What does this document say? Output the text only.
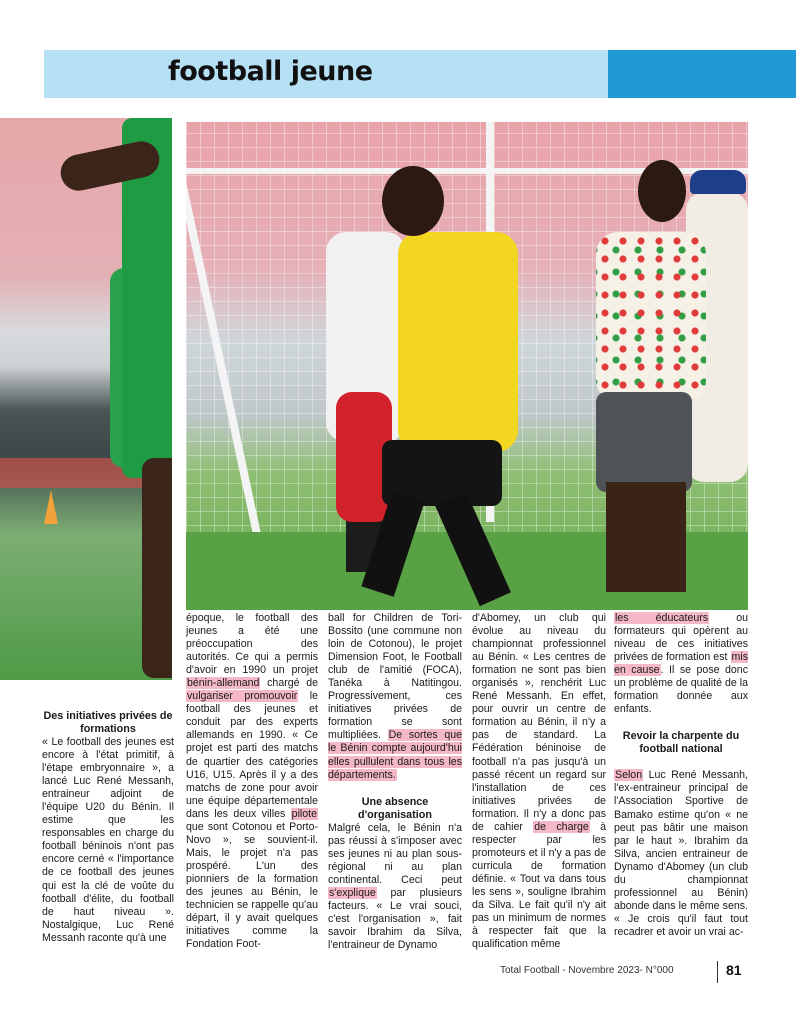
football jeune

Des initiatives privées de formations

« Le football des jeunes est encore à l'état primitif, à l'étape embryonnaire », a lancé Luc René Messanh, entraineur adjoint de l'équipe U20 du Bénin. Il estime que les responsables en charge du football béninois n'ont pas encore cerné « l'importance de ce football des jeunes qui est la clé de voûte du football d'élite, du football de haut niveau ». Nostalgique, Luc René Messanh raconte qu'à une

époque, le football des jeunes a été une préoccupation des autorités. Ce qui a permis d'avoir en 1990 un projet bénin-allemand chargé de vulgariser promouvoir le football des jeunes et conduit par des experts allemands en 1990. « Ce projet est parti des matchs de quartier des catégories U16, U15. Après il y a des matchs de zone pour avoir une équipe départementale dans les deux villes pilote que sont Cotonou et Porto-Novo », se souvient-il. Mais, le projet n'a pas prospéré. L'un des pionniers de la formation des jeunes au Bénin, le technicien se rappelle qu'au départ, il y avait quelques initiatives comme la Fondation Foot-

ball for Children de Tori-Bossito (une commune non loin de Cotonou), le projet Dimension Foot, le Football club de l'amitié (FOCA), Tanéka à Natitingou. Progressivement, ces initiatives privées de formation se sont multipliées. De sortes que le Bénin compte aujourd'hui elles pullulent dans tous les départements.

Une absence d'organisation

Malgré cela, le Bénin n'a pas réussi à s'imposer avec ses jeunes ni au plan sous-régional ni au plan continental. Ceci peut s'explique par plusieurs facteurs. « Le vrai souci, c'est l'organisation », fait savoir Ibrahim da Silva, l'entraineur de Dynamo

d'Abomey, un club qui évolue au niveau du championnat professionnel au Bénin. « Les centres de formation ne sont pas bien organisés », renchérit Luc René Messanh. En effet, pour ouvrir un centre de formation au Bénin, il n'y a pas de standard. La Fédération béninoise de football n'a pas jusqu'à un passé récent un regard sur l'installation de ces initiatives privées de formation. Il n'y a donc pas de cahier de charge à respecter par les promoteurs et il n'y a pas de curricula de formation définie. « Tout va dans tous les sens », souligne Ibrahim da Silva. Le fait qu'il n'y ait pas un minimum de normes à respecter fait que la qualification même

les éducateurs ou formateurs qui opèrent au niveau de ces initiatives privées de formation est mis en cause. Il se pose donc un problème de qualité de la formation donnée aux enfants.

Revoir la charpente du football national

Selon Luc René Messanh, l'ex-entraineur principal de l'Association Sportive de Bamako estime qu'on « ne peut pas bâtir une maison par le haut ». Ibrahim da Silva, ancien entraineur de Dynamo d'Abomey (un club du championnat professionnel au Bénin) abonde dans le même sens. « Je crois qu'il faut tout recadrer et avoir un vrai ac-

Total Football - Novembre 2023- N°000	81
